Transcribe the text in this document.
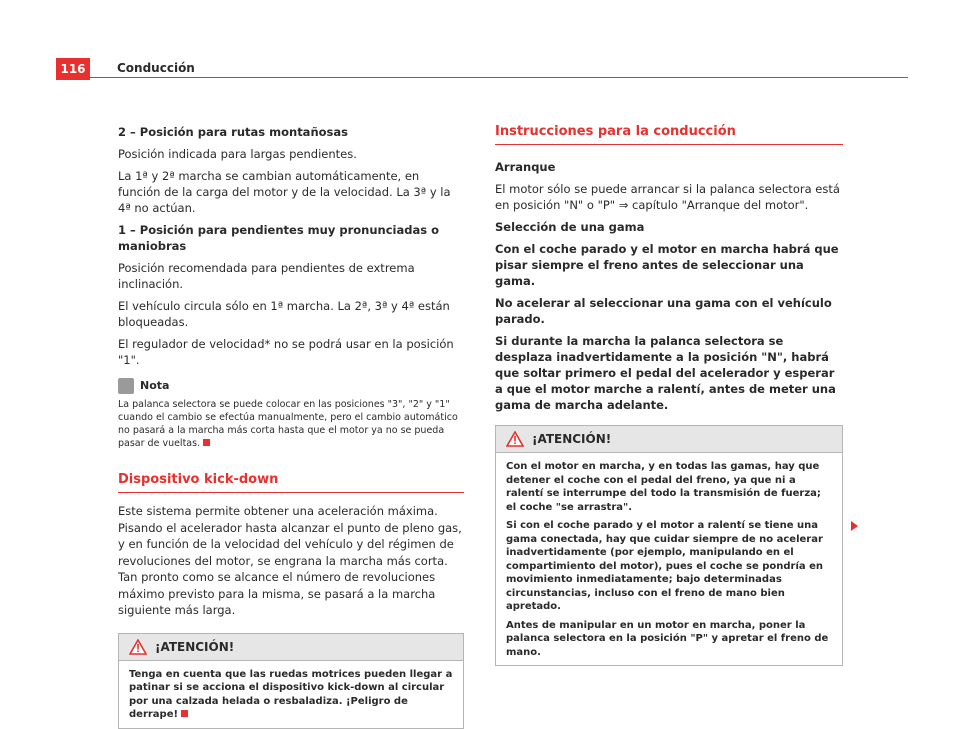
116	Conducción
2 – Posición para rutas montañosas

Posición indicada para largas pendientes.

La 1ª y 2ª marcha se cambian automáticamente, en función de la carga del motor y de la velocidad. La 3ª y la 4ª no actúan.

1 – Posición para pendientes muy pronunciadas o maniobras

Posición recomendada para pendientes de extrema inclinación.

El vehículo circula sólo en 1ª marcha. La 2ª, 3ª y 4ª están bloqueadas.

El regulador de velocidad* no se podrá usar en la posición "1".

Nota
La palanca selectora se puede colocar en las posiciones "3", "2" y "1" cuando el cambio se efectúa manualmente, pero el cambio automático no pasará a la marcha más corta hasta que el motor ya no se pueda pasar de vueltas.
Dispositivo kick-down

Este sistema permite obtener una aceleración máxima. Pisando el acelerador hasta alcanzar el punto de pleno gas, y en función de la velocidad del vehículo y del régimen de revoluciones del motor, se engrana la marcha más corta. Tan pronto como se alcance el número de revoluciones máximo previsto para la misma, se pasará a la marcha siguiente más larga.

¡ATENCIÓN!
Tenga en cuenta que las ruedas motrices pueden llegar a patinar si se acciona el dispositivo kick-down al circular por una calzada helada o resbaladiza. ¡Peligro de derrape!
Instrucciones para la conducción
Arranque

El motor sólo se puede arrancar si la palanca selectora está en posición "N" o "P" ⇒ capítulo "Arranque del motor".

Selección de una gama

Con el coche parado y el motor en marcha habrá que pisar siempre el freno antes de seleccionar una gama.

No acelerar al seleccionar una gama con el vehículo parado.

Si durante la marcha la palanca selectora se desplaza inadvertidamente a la posición "N", habrá que soltar primero el pedal del acelerador y esperar a que el motor marche a ralentí, antes de meter una gama de marcha adelante.

¡ATENCIÓN!

Con el motor en marcha, y en todas las gamas, hay que detener el coche con el pedal del freno, ya que ni a ralentí se interrumpe del todo la transmisión de fuerza; el coche "se arrastra".

Si con el coche parado y el motor a ralentí se tiene una gama conectada, hay que cuidar siempre de no acelerar inadvertidamente (por ejemplo, manipulando en el compartimiento del motor), pues el coche se pondría en movimiento inmediatamente; bajo determinadas circunstancias, incluso con el freno de mano bien apretado.

Antes de manipular en un motor en marcha, poner la palanca selectora en la posición "P" y apretar el freno de mano.
